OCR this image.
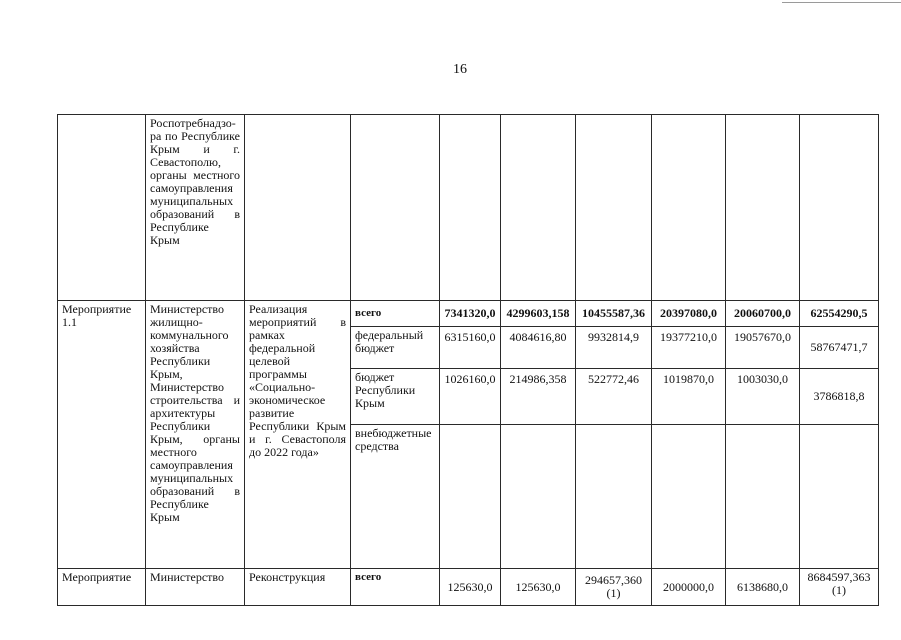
16
	Роспотребнадзо-
ра по Республике Крым и г. Севастополю, органы местного самоуправления муниципальных образований в Республике Крым								
Мероприятие 1.1	Министерство жилищно-коммунального хозяйства Республики Крым, Министерство строительства и архитектуры Республики Крым, органы местного самоуправления муниципальных образований в Республике Крым	Реализация мероприятий в рамках федеральной целевой программы «Социально-экономическое развитие Республики Крым и г. Севастополя до 2022 года»	всего	7341320,0	4299603,158	10455587,36	20397080,0	20060700,0	62554290,5
			федеральный бюджет	6315160,0	4084616,80	9932814,9	19377210,0	19057670,0	58767471,7
			бюджет Республики Крым	1026160,0	214986,358	522772,46	1019870,0	1003030,0	3786818,8
			внебюджетные средства						
Мероприятие	Министерство	Реконструкция	всего	125630,0	125630,0	294657,360 (1)	2000000,0	6138680,0	8684597,363 (1)
